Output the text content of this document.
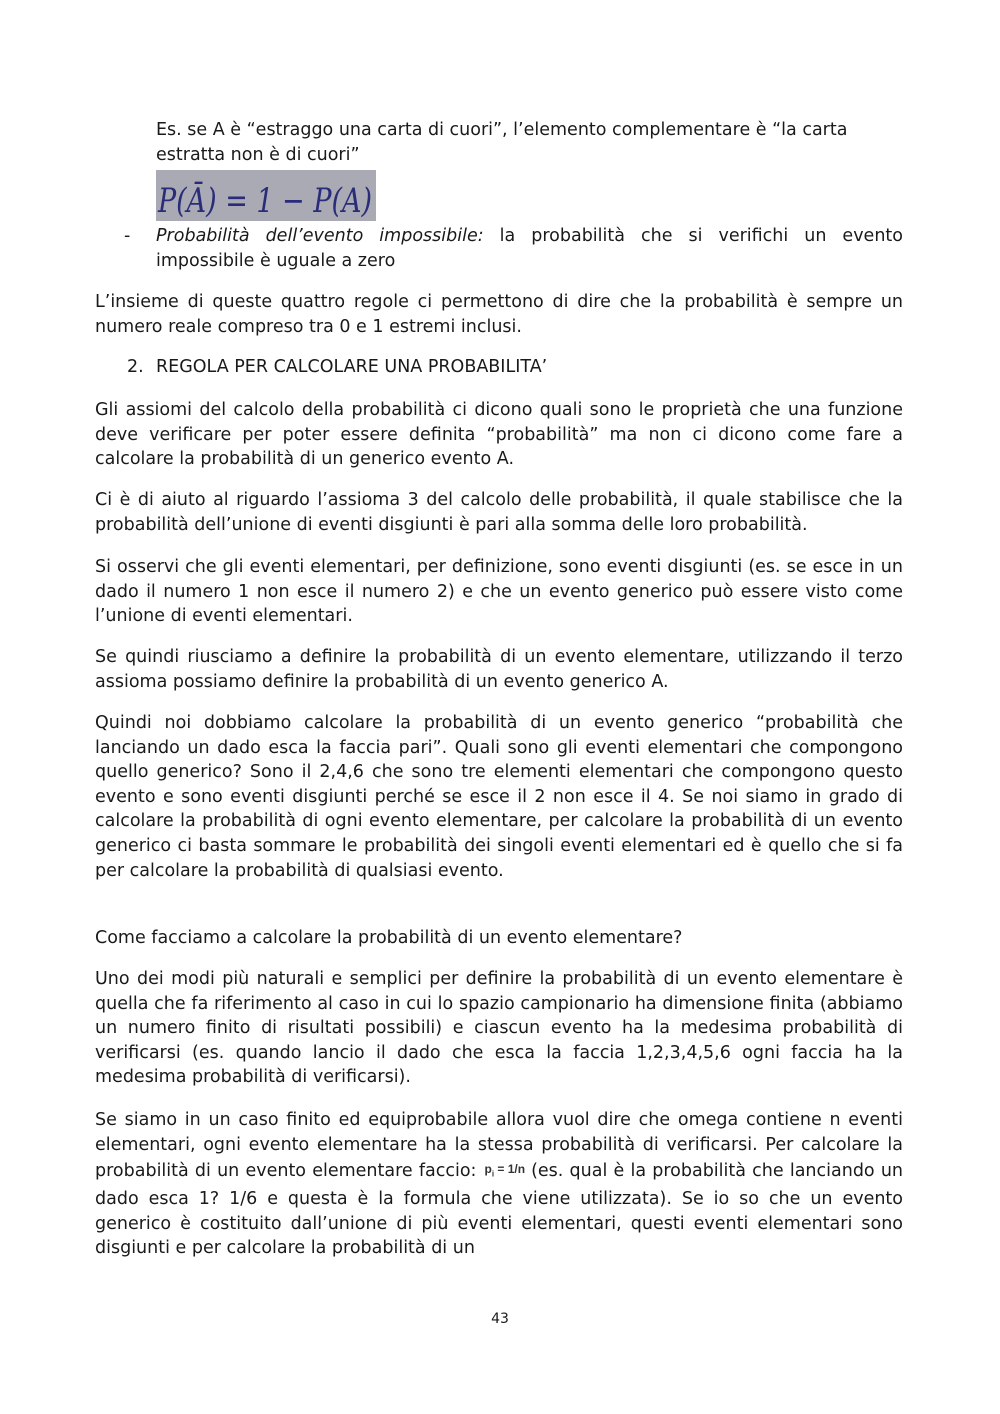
Es. se A è “estraggo una carta di cuori”, l’elemento complementare è “la carta
estratta non è di cuori”

P(Ā) = 1 − P(A)
- Probabilità dell’evento impossibile: la probabilità che si verifichi un evento impossibile è uguale a zero

L’insieme di queste quattro regole ci permettono di dire che la probabilità è sempre un numero reale compreso tra 0 e 1 estremi inclusi.

2. REGOLA PER CALCOLARE UNA PROBABILITA’

Gli assiomi del calcolo della probabilità ci dicono quali sono le proprietà che una funzione deve verificare per poter essere definita “probabilità” ma non ci dicono come fare a calcolare la probabilità di un generico evento A.

Ci è di aiuto al riguardo l’assioma 3 del calcolo delle probabilità, il quale stabilisce che la probabilità dell’unione di eventi disgiunti è pari alla somma delle loro probabilità.

Si osservi che gli eventi elementari, per definizione, sono eventi disgiunti (es. se esce in un dado il numero 1 non esce il numero 2) e che un evento generico può essere visto come l’unione di eventi elementari.

Se quindi riusciamo a definire la probabilità di un evento elementare, utilizzando il terzo assioma possiamo definire la probabilità di un evento generico A.

Quindi noi dobbiamo calcolare la probabilità di un evento generico “probabilità che lanciando un dado esca la faccia pari”. Quali sono gli eventi elementari che compongono quello generico? Sono il 2,4,6 che sono tre elementi elementari che compongono questo evento e sono eventi disgiunti perché se esce il 2 non esce il 4. Se noi siamo in grado di calcolare la probabilità di ogni evento elementare, per calcolare la probabilità di un evento generico ci basta sommare le probabilità dei singoli eventi elementari ed è quello che si fa per calcolare la probabilità di qualsiasi evento.

Come facciamo a calcolare la probabilità di un evento elementare?

Uno dei modi più naturali e semplici per definire la probabilità di un evento elementare è quella che fa riferimento al caso in cui lo spazio campionario ha dimensione finita (abbiamo un numero finito di risultati possibili) e ciascun evento ha la medesima probabilità di verificarsi (es. quando lancio il dado che esca la faccia 1,2,3,4,5,6 ogni faccia ha la medesima probabilità di verificarsi).

Se siamo in un caso finito ed equiprobabile allora vuol dire che omega contiene n eventi elementari, ogni evento elementare ha la stessa probabilità di verificarsi. Per calcolare la probabilità di un evento elementare faccio: $p_i = 1/n$ (es. qual è la probabilità che lanciando un dado esca 1? 1/6 e questa è la formula che viene utilizzata). Se io so che un evento generico è costituito dall’unione di più eventi elementari, questi eventi elementari sono disgiunti e per calcolare la probabilità di un

43
